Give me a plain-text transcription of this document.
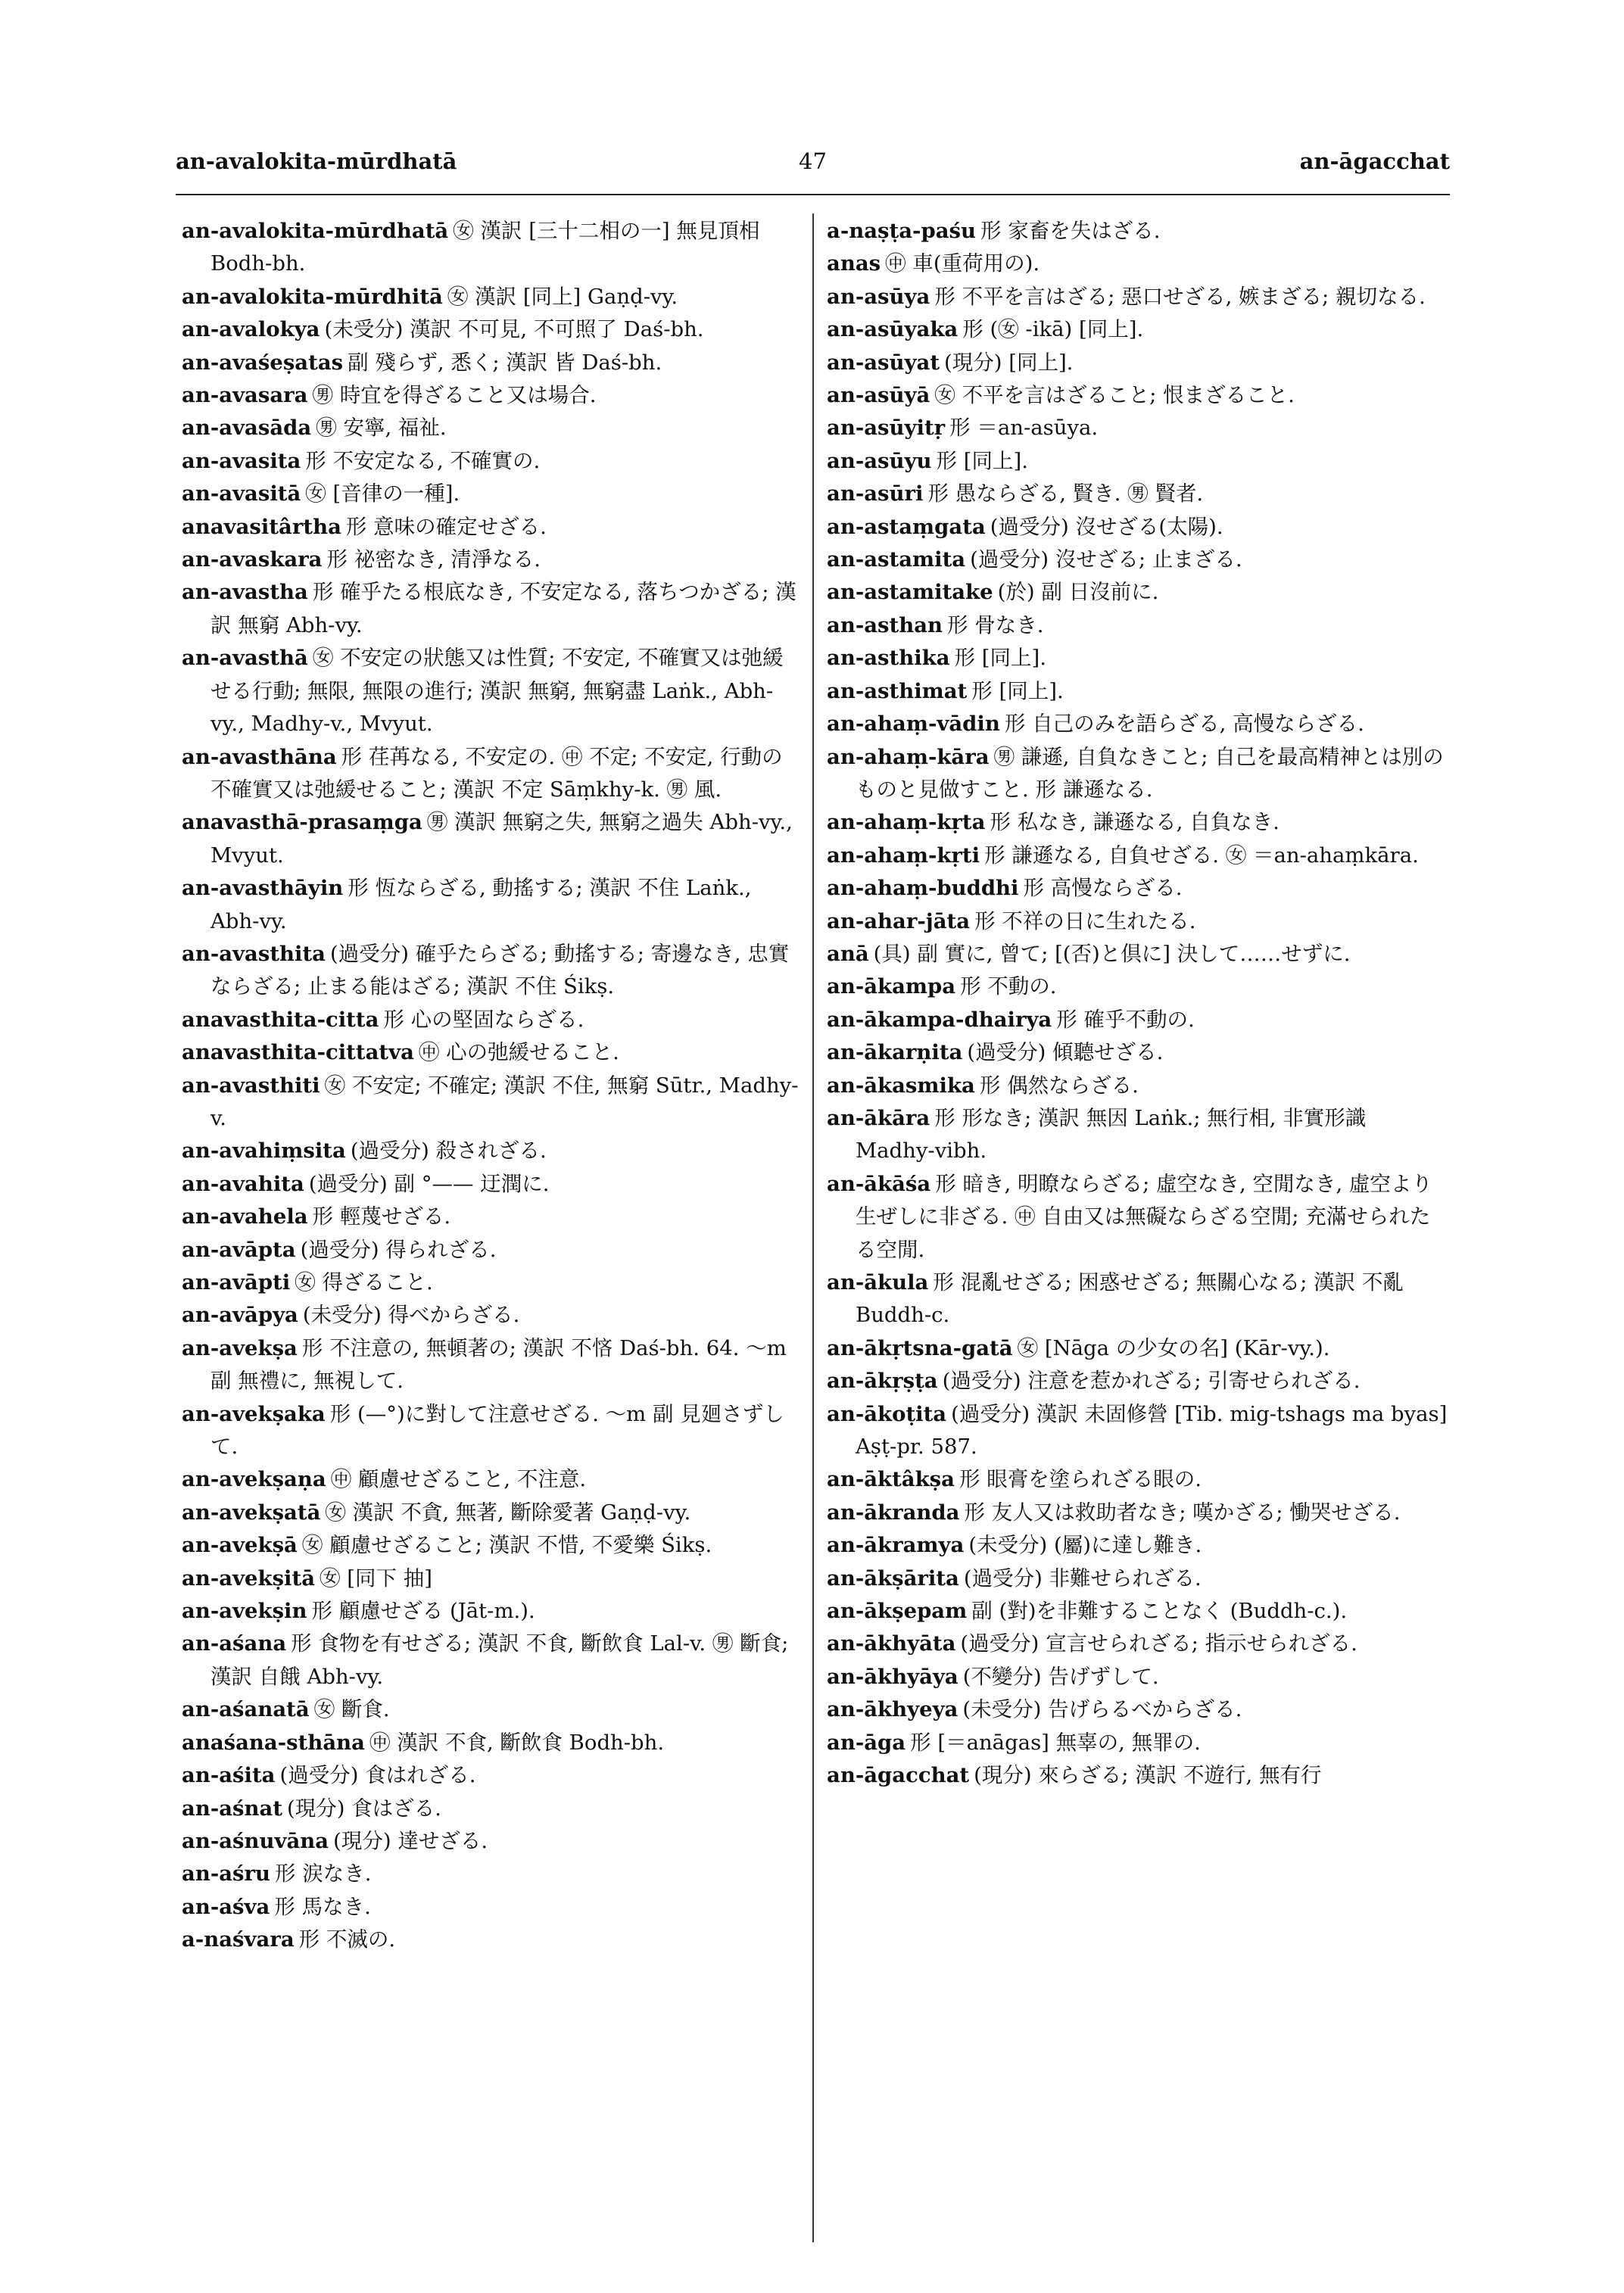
an-avalokita-mūrdhatā	47	an-āgacchat

an-avalokita-mūrdhatā ㊛ 漢訳 [三十二相の一] 無見頂相 Bodh-bh.

an-avalokita-mūrdhitā ㊛ 漢訳 [同上] Gaṇḍ-vy.

an-avalokya (未受分) 漢訳 不可見, 不可照了 Daś-bh.

an-avaśeṣatas 副 殘らず, 悉く; 漢訳 皆 Daś-bh.

an-avasara ㊚ 時宜を得ざること又は場合.

an-avasāda ㊚ 安寧, 福祉.

an-avasita 形 不安定なる, 不確實の.

an-avasitā ㊛ [音律の一種].

anavasitârtha 形 意味の確定せざる.

an-avaskara 形 祕密なき, 清淨なる.

an-avastha 形 確乎たる根底なき, 不安定なる, 落ちつかざる; 漢訳 無窮 Abh-vy.

an-avasthā ㊛ 不安定の狀態又は性質; 不安定, 不確實又は弛緩せる行動; 無限, 無限の進行; 漢訳 無窮, 無窮盡 Laṅk., Abh-vy., Madhy-v., Mvyut.

an-avasthāna 形 荏苒なる, 不安定の. ㊥ 不定; 不安定, 行動の不確實又は弛緩せること; 漢訳 不定 Sāṃkhy-k. ㊚ 風.

anavasthā-prasaṃga ㊚ 漢訳 無窮之失, 無窮之過失 Abh-vy., Mvyut.

an-avasthāyin 形 恆ならざる, 動搖する; 漢訳 不住 Laṅk., Abh-vy.

an-avasthita (過受分) 確乎たらざる; 動搖する; 寄邊なき, 忠實ならざる; 止まる能はざる; 漢訳 不住 Śikṣ.

anavasthita-citta 形 心の堅固ならざる.

anavasthita-cittatva ㊥ 心の弛緩せること.

an-avasthiti ㊛ 不安定; 不確定; 漢訳 不住, 無窮 Sūtr., Madhy-v.

an-avahiṃsita (過受分) 殺されざる.

an-avahita (過受分) 副 °—— 迂潤に.

an-avahela 形 輕蔑せざる.

an-avāpta (過受分) 得られざる.

an-avāpti ㊛ 得ざること.

an-avāpya (未受分) 得べからざる.

an-avekṣa 形 不注意の, 無頓著の; 漢訳 不悋 Daś-bh. 64. ～m 副 無禮に, 無視して.

an-avekṣaka 形 (—°)に對して注意せざる. ～m 副 見廻さずして.

an-avekṣaṇa ㊥ 顧慮せざること, 不注意.

an-avekṣatā ㊛ 漢訳 不貪, 無著, 斷除愛著 Gaṇḍ-vy.

an-avekṣā ㊛ 顧慮せざること; 漢訳 不惜, 不愛樂 Śikṣ.

an-avekṣitā ㊛ [同下 抽]

an-avekṣin 形 顧慮せざる (Jāt-m.).

an-aśana 形 食物を有せざる; 漢訳 不食, 斷飲食 Lal-v. ㊚ 斷食; 漢訳 自餓 Abh-vy.

an-aśanatā ㊛ 斷食.

anaśana-sthāna ㊥ 漢訳 不食, 斷飲食 Bodh-bh.

an-aśita (過受分) 食はれざる.

an-aśnat (現分) 食はざる.

an-aśnuvāna (現分) 達せざる.

an-aśru 形 涙なき.

an-aśva 形 馬なき.

a-naśvara 形 不滅の.

a-naṣṭa-paśu 形 家畜を失はざる.

anas ㊥ 車(重荷用の).

an-asūya 形 不平を言はざる; 惡口せざる, 嫉まざる; 親切なる.

an-asūyaka 形 (㊛ -ikā) [同上].

an-asūyat (現分) [同上].

an-asūyā ㊛ 不平を言はざること; 恨まざること.

an-asūyitṛ 形 ＝an-asūya.

an-asūyu 形 [同上].

an-asūri 形 愚ならざる, 賢き. ㊚ 賢者.

an-astaṃgata (過受分) 沒せざる(太陽).

an-astamita (過受分) 沒せざる; 止まざる.

an-astamitake (於) 副 日沒前に.

an-asthan 形 骨なき.

an-asthika 形 [同上].

an-asthimat 形 [同上].

an-ahaṃ-vādin 形 自己のみを語らざる, 高慢ならざる.

an-ahaṃ-kāra ㊚ 謙遜, 自負なきこと; 自己を最高精神とは別のものと見做すこと. 形 謙遜なる.

an-ahaṃ-kṛta 形 私なき, 謙遜なる, 自負なき.

an-ahaṃ-kṛti 形 謙遜なる, 自負せざる. ㊛ ＝an-ahaṃkāra.

an-ahaṃ-buddhi 形 高慢ならざる.

an-ahar-jāta 形 不祥の日に生れたる.

anā (具) 副 實に, 曾て; [(否)と倶に] 決して……せずに.

an-ākampa 形 不動の.

an-ākampa-dhairya 形 確乎不動の.

an-ākarṇita (過受分) 傾聽せざる.

an-ākasmika 形 偶然ならざる.

an-ākāra 形 形なき; 漢訳 無因 Laṅk.; 無行相, 非實形識 Madhy-vibh.

an-ākāśa 形 暗き, 明瞭ならざる; 虛空なき, 空閒なき, 虛空より生ぜしに非ざる. ㊥ 自由又は無礙ならざる空閒; 充滿せられたる空閒.

an-ākula 形 混亂せざる; 困惑せざる; 無關心なる; 漢訳 不亂 Buddh-c.

an-ākṛtsna-gatā ㊛ [Nāga の少女の名] (Kār-vy.).

an-ākṛṣṭa (過受分) 注意を惹かれざる; 引寄せられざる.

an-ākoṭita (過受分) 漢訳 未固修營 [Tib. mig-tshags ma byas] Aṣṭ-pr. 587.

an-āktâkṣa 形 眼膏を塗られざる眼の.

an-ākranda 形 友人又は救助者なき; 嘆かざる; 慟哭せざる.

an-ākramya (未受分) (屬)に達し難き.

an-ākṣārita (過受分) 非難せられざる.

an-ākṣepam 副 (對)を非難することなく (Buddh-c.).

an-ākhyāta (過受分) 宣言せられざる; 指示せられざる.

an-ākhyāya (不變分) 告げずして.

an-ākhyeya (未受分) 告げらるべからざる.

an-āga 形 [＝anāgas] 無辜の, 無罪の.

an-āgacchat (現分) 來らざる; 漢訳 不遊行, 無有行
